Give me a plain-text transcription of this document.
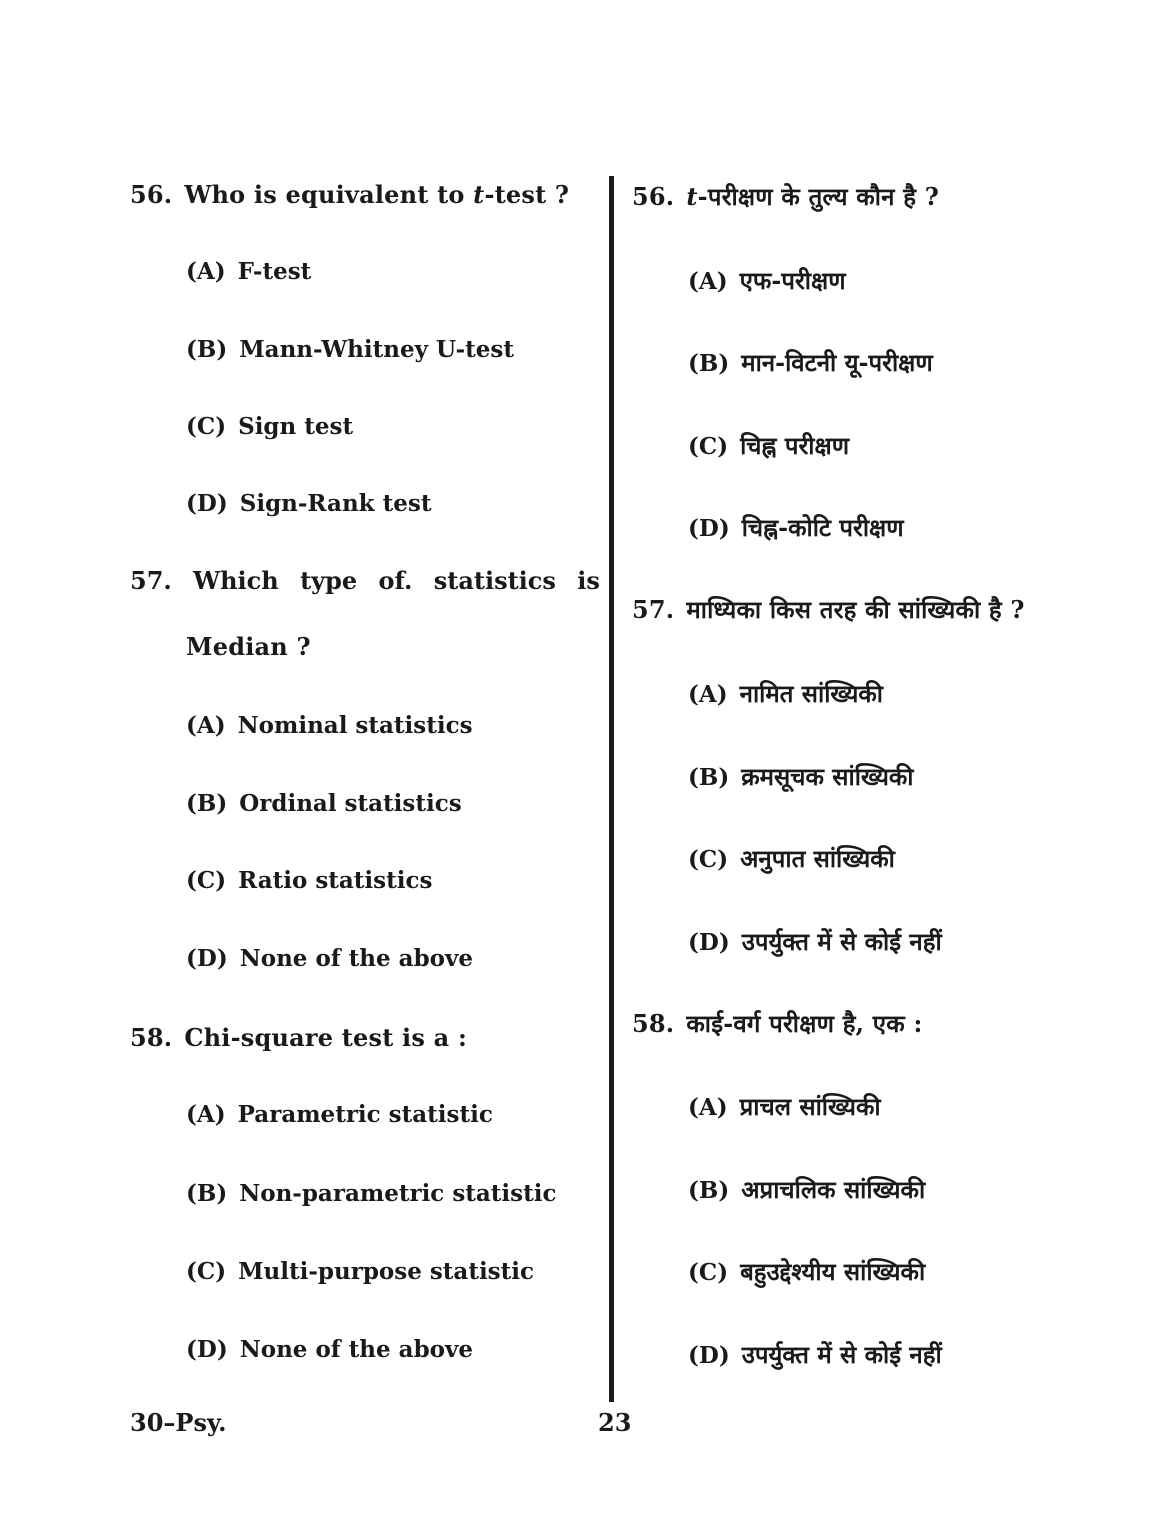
56. Who is equivalent to t-test ?
(A) F-test
(B) Mann-Whitney U-test
(C) Sign test
(D) Sign-Rank test
57. Which type of. statistics is
Median ?
(A) Nominal statistics
(B) Ordinal statistics
(C) Ratio statistics
(D) None of the above
58. Chi-square test is a :
(A) Parametric statistic
(B) Non-parametric statistic
(C) Multi-purpose statistic
(D) None of the above
56. t-परीक्षण के तुल्य कौन है ?
(A) एफ-परीक्षण
(B) मान-विटनी यू-परीक्षण
(C) चिह्न परीक्षण
(D) चिह्न-कोटि परीक्षण
57. माध्यिका किस तरह की सांख्यिकी है ?
(A) नामित सांख्यिकी
(B) क्रमसूचक सांख्यिकी
(C) अनुपात सांख्यिकी
(D) उपर्युक्त में से कोई नहीं
58. काई-वर्ग परीक्षण है, एक :
(A) प्राचल सांख्यिकी
(B) अप्राचलिक सांख्यिकी
(C) बहुउद्देश्यीय सांख्यिकी
(D) उपर्युक्त में से कोई नहीं
30–Psy.	23
